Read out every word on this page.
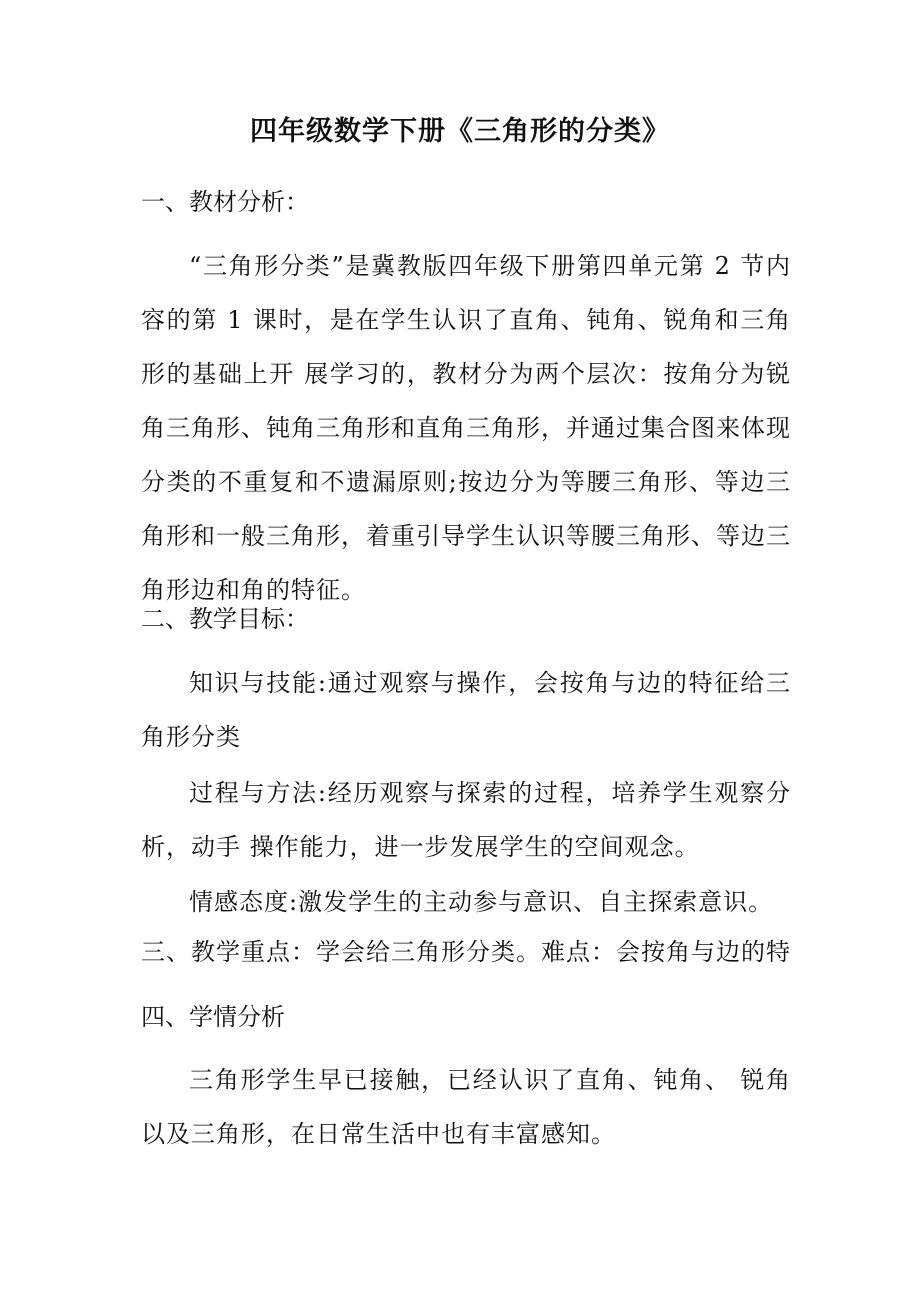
四年级数学下册《三角形的分类》
一、教材分析：
“三角形分类”是冀教版四年级下册第四单元第 2 节内容的第 1 课时，是在学生认识了直角、钝角、锐角和三角形的基础上开 展学习的，教材分为两个层次：按角分为锐角三角形、钝角三角形和直角三角形，并通过集合图来体现分类的不重复和不遗漏原则;按边分为等腰三角形、等边三角形和一般三角形，着重引导学生认识等腰三角形、等边三角形边和角的特征。
二、教学目标：
知识与技能:通过观察与操作，会按角与边的特征给三角形分类
过程与方法:经历观察与探索的过程，培养学生观察分析，动手 操作能力，进一步发展学生的空间观念。
情感态度:激发学生的主动参与意识、自主探索意识。
三、教学重点：学会给三角形分类。难点：会按角与边的特
四、学情分析
三角形学生早已接触，已经认识了直角、钝角、 锐角以及三角形，在日常生活中也有丰富感知。
